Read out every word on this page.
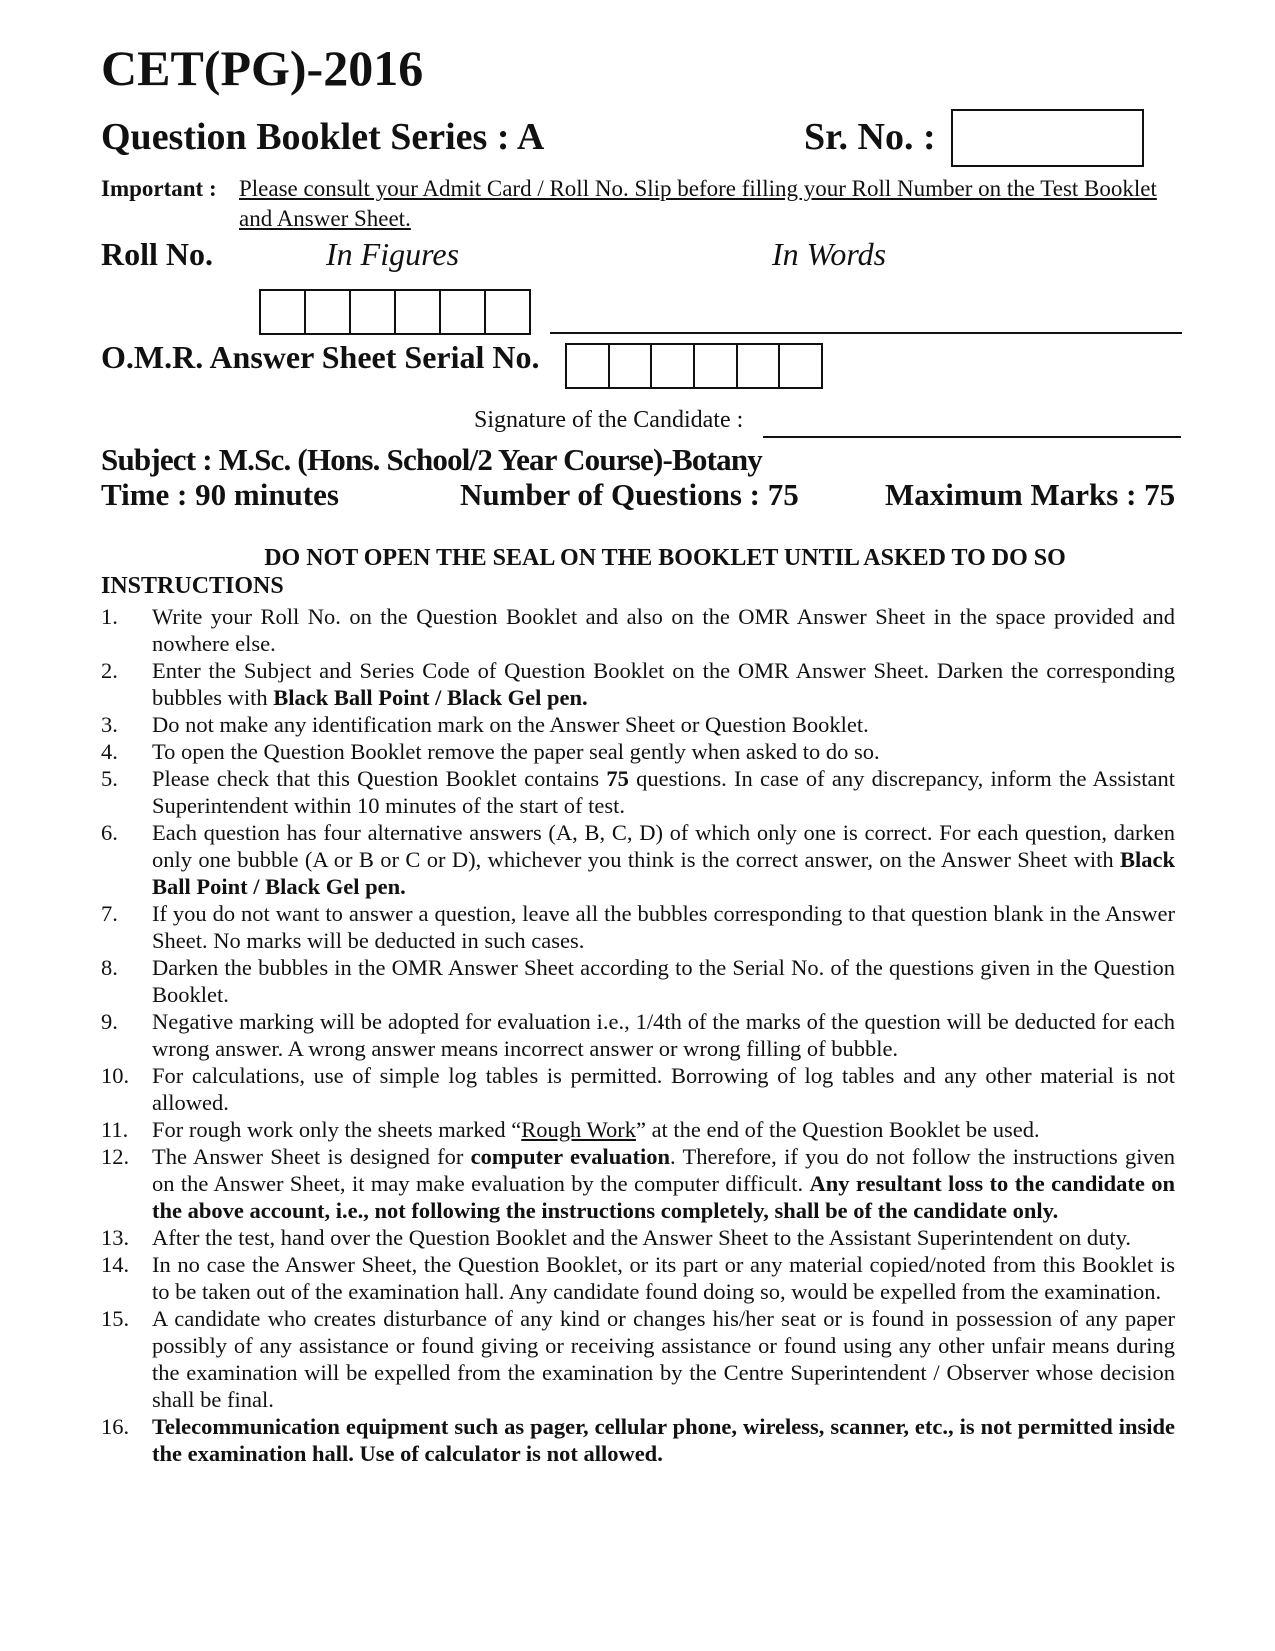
CET(PG)-2016
Question Booklet Series : A	Sr. No. :
Important : Please consult your Admit Card / Roll No. Slip before filling your Roll Number on the Test Booklet and Answer Sheet.
Roll No.	In Figures	In Words
O.M.R. Answer Sheet Serial No.
Signature of the Candidate :
Subject : M.Sc. (Hons. School/2 Year Course)-Botany
Time : 90 minutes	Number of Questions : 75	Maximum Marks : 75
DO NOT OPEN THE SEAL ON THE BOOKLET UNTIL ASKED TO DO SO
INSTRUCTIONS
1. Write your Roll No. on the Question Booklet and also on the OMR Answer Sheet in the space provided and nowhere else.
2. Enter the Subject and Series Code of Question Booklet on the OMR Answer Sheet. Darken the corresponding bubbles with Black Ball Point / Black Gel pen.
3. Do not make any identification mark on the Answer Sheet or Question Booklet.
4. To open the Question Booklet remove the paper seal gently when asked to do so.
5. Please check that this Question Booklet contains 75 questions. In case of any discrepancy, inform the Assistant Superintendent within 10 minutes of the start of test.
6. Each question has four alternative answers (A, B, C, D) of which only one is correct. For each question, darken only one bubble (A or B or C or D), whichever you think is the correct answer, on the Answer Sheet with Black Ball Point / Black Gel pen.
7. If you do not want to answer a question, leave all the bubbles corresponding to that question blank in the Answer Sheet. No marks will be deducted in such cases.
8. Darken the bubbles in the OMR Answer Sheet according to the Serial No. of the questions given in the Question Booklet.
9. Negative marking will be adopted for evaluation i.e., 1/4th of the marks of the question will be deducted for each wrong answer. A wrong answer means incorrect answer or wrong filling of bubble.
10. For calculations, use of simple log tables is permitted. Borrowing of log tables and any other material is not allowed.
11. For rough work only the sheets marked “Rough Work” at the end of the Question Booklet be used.
12. The Answer Sheet is designed for computer evaluation. Therefore, if you do not follow the instructions given on the Answer Sheet, it may make evaluation by the computer difficult. Any resultant loss to the candidate on the above account, i.e., not following the instructions completely, shall be of the candidate only.
13. After the test, hand over the Question Booklet and the Answer Sheet to the Assistant Superintendent on duty.
14. In no case the Answer Sheet, the Question Booklet, or its part or any material copied/noted from this Booklet is to be taken out of the examination hall. Any candidate found doing so, would be expelled from the examination.
15. A candidate who creates disturbance of any kind or changes his/her seat or is found in possession of any paper possibly of any assistance or found giving or receiving assistance or found using any other unfair means during the examination will be expelled from the examination by the Centre Superintendent / Observer whose decision shall be final.
16. Telecommunication equipment such as pager, cellular phone, wireless, scanner, etc., is not permitted inside the examination hall. Use of calculator is not allowed.
